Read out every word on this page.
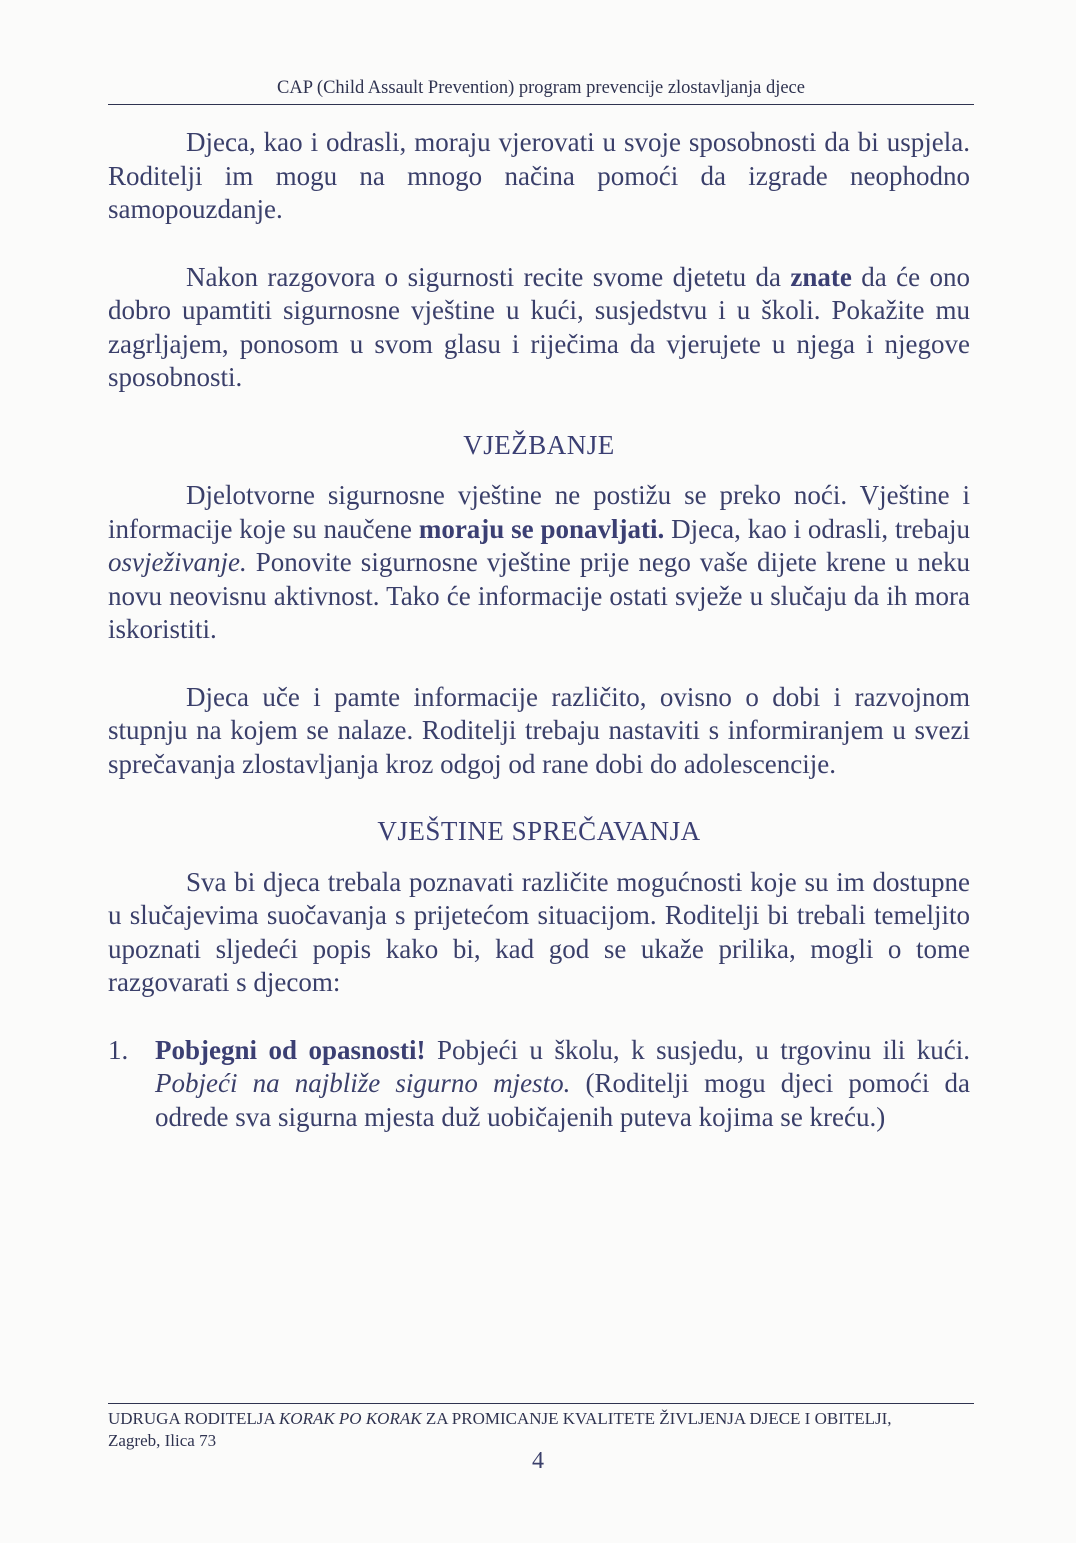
CAP (Child Assault Prevention) program prevencije zlostavljanja djece

Djeca, kao i odrasli, moraju vjerovati u svoje sposobnosti da bi uspjela. Roditelji im mogu na mnogo načina pomoći da izgrade neophodno samopouzdanje.

Nakon razgovora o sigurnosti recite svome djetetu da znate da će ono dobro upamtiti sigurnosne vještine u kući, susjedstvu i u školi. Pokažite mu zagrljajem, ponosom u svom glasu i riječima da vjerujete u njega i njegove sposobnosti.

VJEŽBANJE

Djelotvorne sigurnosne vještine ne postižu se preko noći. Vještine i informacije koje su naučene moraju se ponavljati. Djeca, kao i odrasli, trebaju osvježivanje. Ponovite sigurnosne vještine prije nego vaše dijete krene u neku novu neovisnu aktivnost. Tako će informacije ostati svježe u slučaju da ih mora iskoristiti.

Djeca uče i pamte informacije različito, ovisno o dobi i razvojnom stupnju na kojem se nalaze. Roditelji trebaju nastaviti s informiranjem u svezi sprečavanja zlostavljanja kroz odgoj od rane dobi do adolescencije.

VJEŠTINE SPREČAVANJA

Sva bi djeca trebala poznavati različite mogućnosti koje su im dostupne u slučajevima suočavanja s prijetećom situacijom. Roditelji bi trebali temeljito upoznati sljedeći popis kako bi, kad god se ukaže prilika, mogli o tome razgovarati s djecom:

1. Pobjegni od opasnosti! Pobjeći u školu, k susjedu, u trgovinu ili kući. Pobjeći na najbliže sigurno mjesto. (Roditelji mogu djeci pomoći da odrede sva sigurna mjesta duž uobičajenih puteva kojima se kreću.)
UDRUGA RODITELJA KORAK PO KORAK ZA PROMICANJE KVALITETE ŽIVLJENJA DJECE I OBITELJI,
Zagreb, Ilica 73
4
